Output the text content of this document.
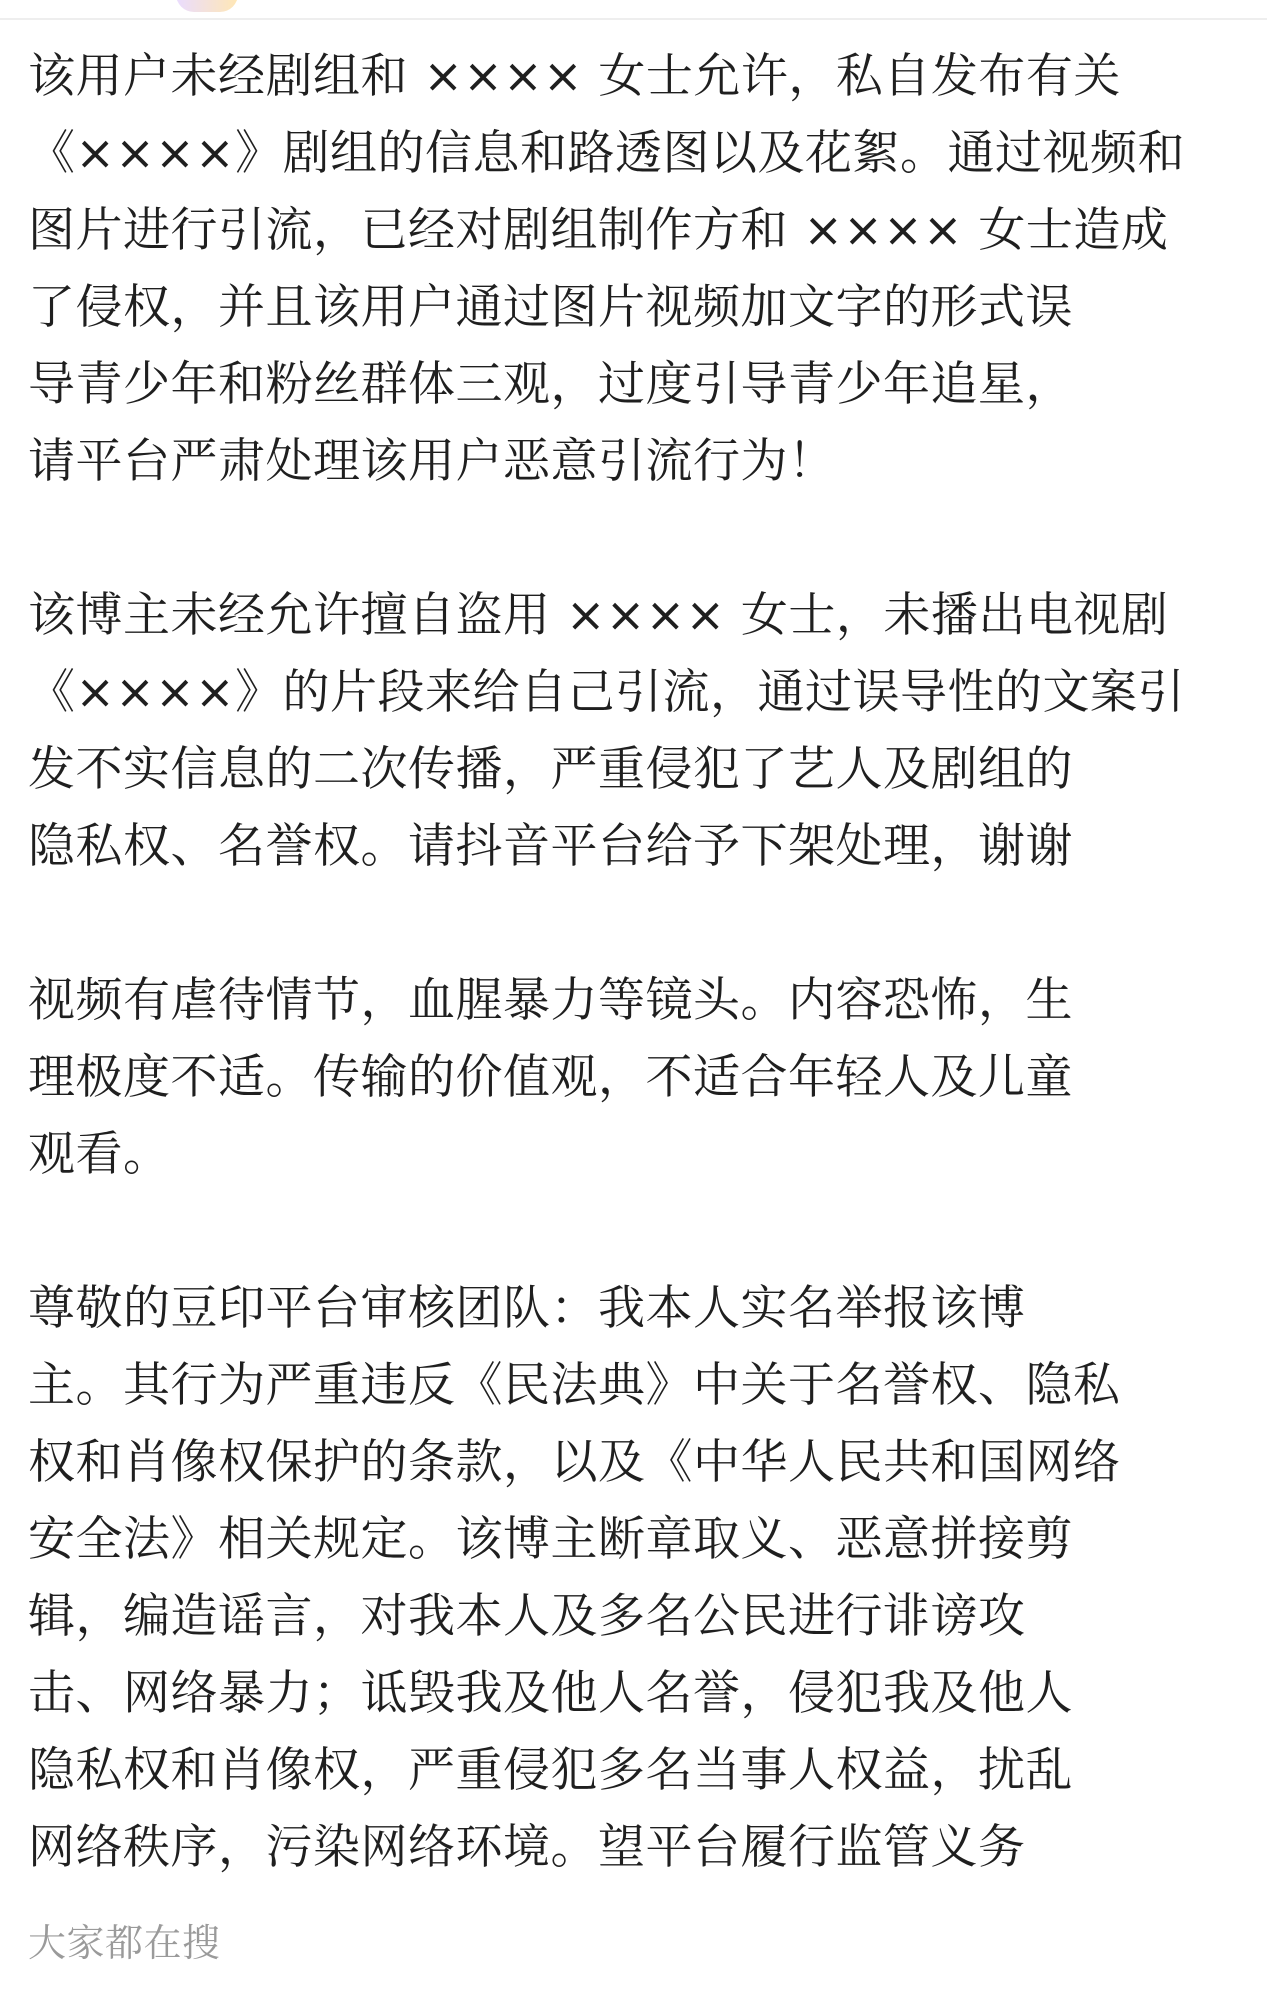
该用户未经剧组和 ×××× 女士允许，私自发布有关
《××××》剧组的信息和路透图以及花絮。通过视频和
图片进行引流，已经对剧组制作方和 ×××× 女士造成
了侵权，并且该用户通过图片视频加文字的形式误
导青少年和粉丝群体三观，过度引导青少年追星，
请平台严肃处理该用户恶意引流行为！

该博主未经允许擅自盗用 ×××× 女士，未播出电视剧
《××××》的片段来给自己引流，通过误导性的文案引
发不实信息的二次传播，严重侵犯了艺人及剧组的
隐私权、名誉权。请抖音平台给予下架处理，谢谢

视频有虐待情节，血腥暴力等镜头。内容恐怖，生
理极度不适。传输的价值观，不适合年轻人及儿童
观看。

尊敬的豆印平台审核团队：我本人实名举报该博
主。其行为严重违反《民法典》中关于名誉权、隐私
权和肖像权保护的条款，以及《中华人民共和国网络
安全法》相关规定。该博主断章取义、恶意拼接剪
辑，编造谣言，对我本人及多名公民进行诽谤攻
击、网络暴力；诋毁我及他人名誉，侵犯我及他人
隐私权和肖像权，严重侵犯多名当事人权益，扰乱
网络秩序，污染网络环境。望平台履行监管义务

大家都在搜
